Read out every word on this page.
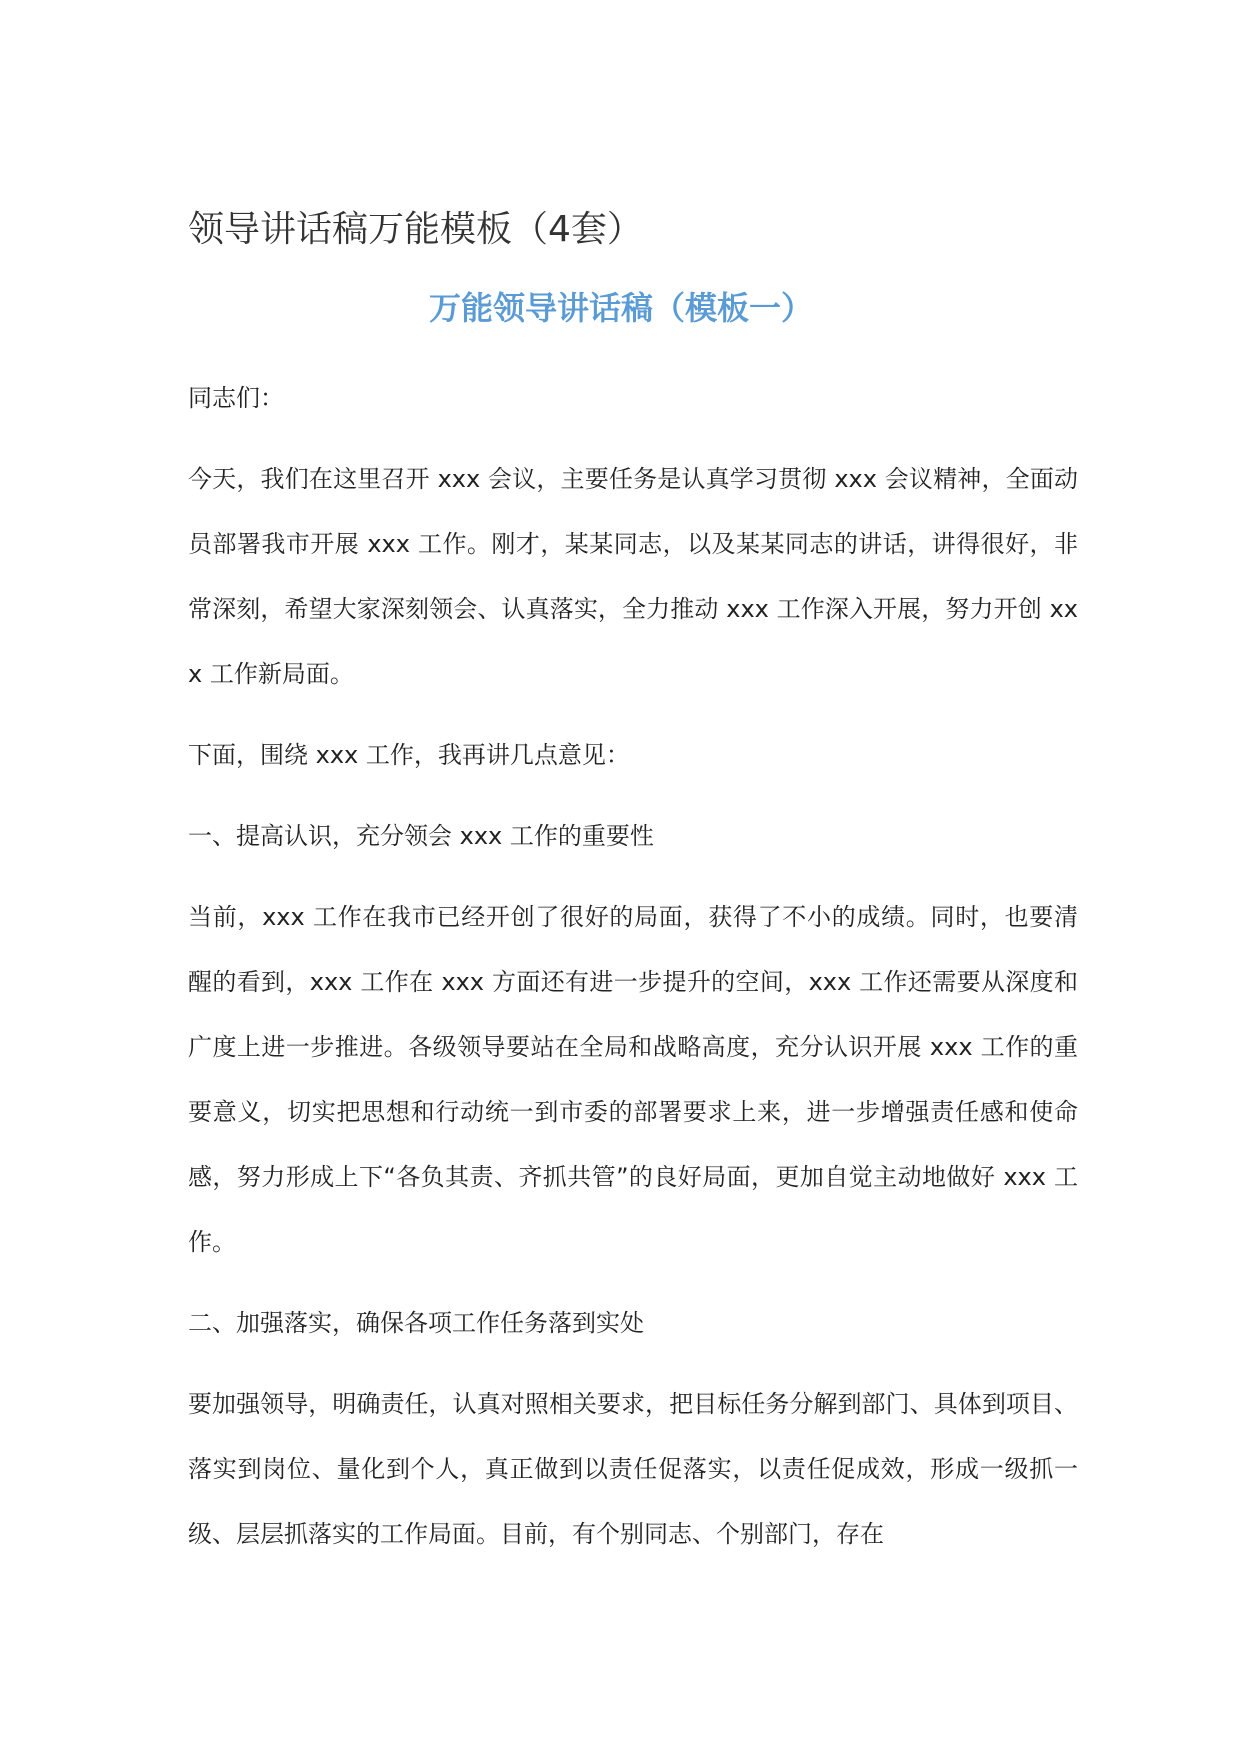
领导讲话稿万能模板（4套）
万能领导讲话稿（模板一）

同志们：

今天，我们在这里召开 xxx 会议，主要任务是认真学习贯彻 xxx 会议精神，全面动员部署我市开展 xxx 工作。刚才，某某同志，以及某某同志的讲话，讲得很好，非常深刻，希望大家深刻领会、认真落实，全力推动 xxx 工作深入开展，努力开创 xxx 工作新局面。

下面，围绕 xxx 工作，我再讲几点意见：

一、提高认识，充分领会 xxx 工作的重要性

当前，xxx 工作在我市已经开创了很好的局面，获得了不小的成绩。同时，也要清醒的看到，xxx 工作在 xxx 方面还有进一步提升的空间，xxx 工作还需要从深度和广度上进一步推进。各级领导要站在全局和战略高度，充分认识开展 xxx 工作的重要意义，切实把思想和行动统一到市委的部署要求上来，进一步增强责任感和使命感，努力形成上下“各负其责、齐抓共管”的良好局面，更加自觉主动地做好 xxx 工作。

二、加强落实，确保各项工作任务落到实处

要加强领导，明确责任，认真对照相关要求，把目标任务分解到部门、具体到项目、落实到岗位、量化到个人，真正做到以责任促落实，以责任促成效，形成一级抓一级、层层抓落实的工作局面。目前，有个别同志、个别部门，存在
